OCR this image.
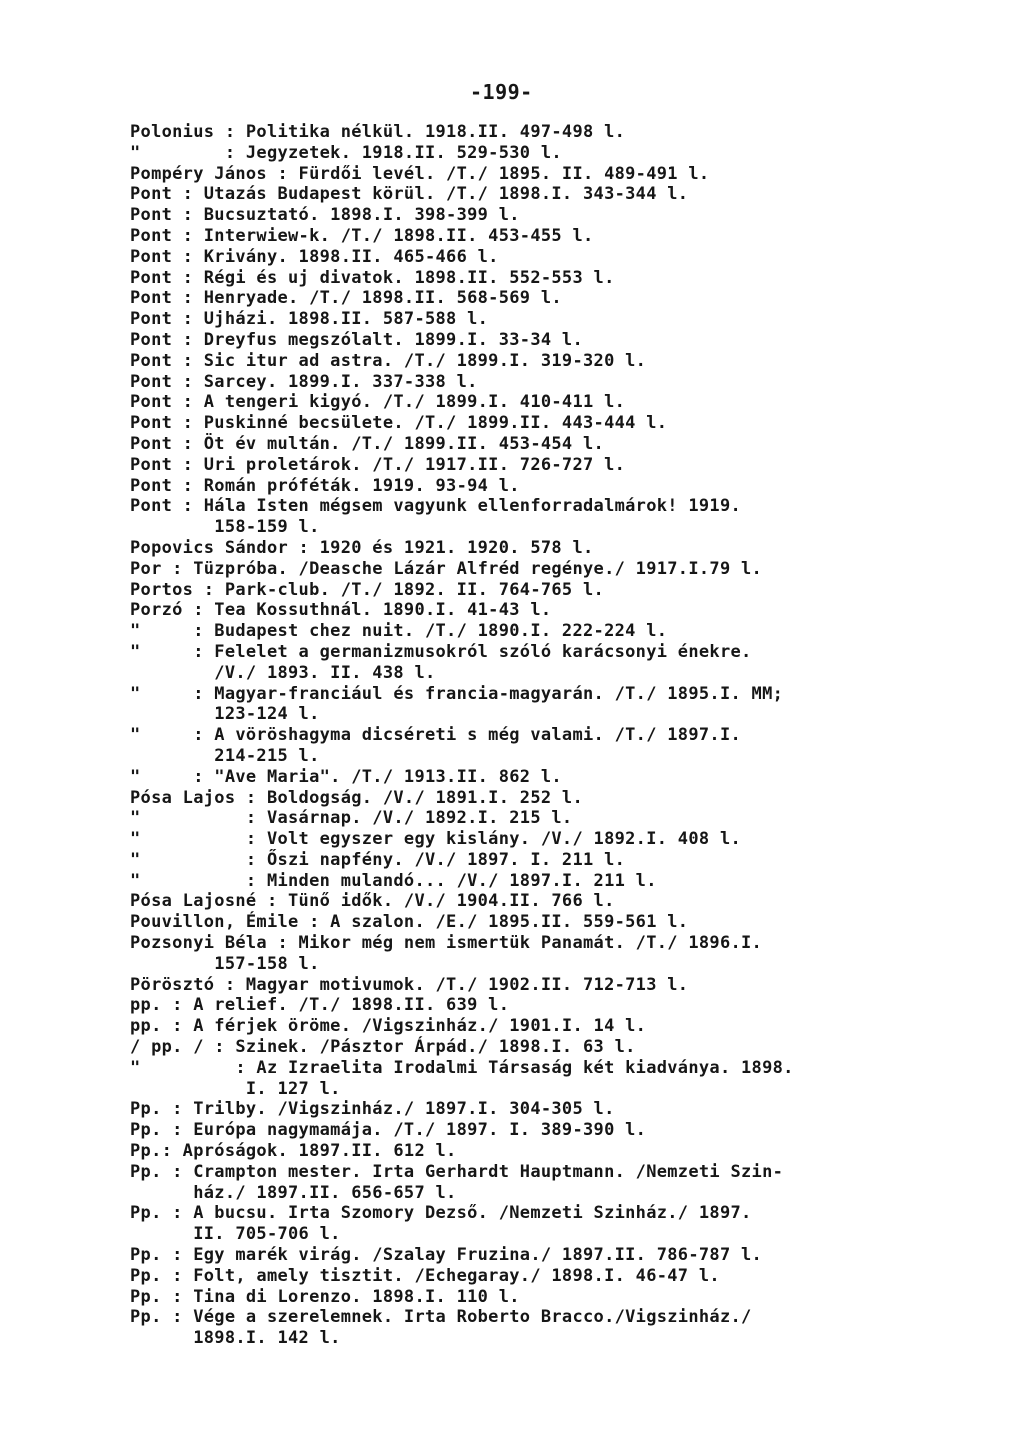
-199-
Polonius : Politika nélkül. 1918.II. 497-498 l.
"        : Jegyzetek. 1918.II. 529-530 l.
Pompéry János : Fürdői levél. /T./ 1895. II. 489-491 l.
Pont : Utazás Budapest körül. /T./ 1898.I. 343-344 l.
Pont : Bucsuztató. 1898.I. 398-399 l.
Pont : Interwiew-k. /T./ 1898.II. 453-455 l.
Pont : Krivány. 1898.II. 465-466 l.
Pont : Régi és uj divatok. 1898.II. 552-553 l.
Pont : Henryade. /T./ 1898.II. 568-569 l.
Pont : Ujházi. 1898.II. 587-588 l.
Pont : Dreyfus megszólalt. 1899.I. 33-34 l.
Pont : Sic itur ad astra. /T./ 1899.I. 319-320 l.
Pont : Sarcey. 1899.I. 337-338 l.
Pont : A tengeri kigyó. /T./ 1899.I. 410-411 l.
Pont : Puskinné becsülete. /T./ 1899.II. 443-444 l.
Pont : Öt év multán. /T./ 1899.II. 453-454 l.
Pont : Uri proletárok. /T./ 1917.II. 726-727 l.
Pont : Román próféták. 1919. 93-94 l.
Pont : Hála Isten mégsem vagyunk ellenforradalmárok! 1919.
158-159 l.
Popovics Sándor : 1920 és 1921. 1920. 578 l.
Por : Tüzpróba. /Deasche Lázár Alfréd regénye./ 1917.I.79 l.
Portos : Park-club. /T./ 1892. II. 764-765 l.
Porzó : Tea Kossuthnál. 1890.I. 41-43 l.
"     : Budapest chez nuit. /T./ 1890.I. 222-224 l.
"     : Felelet a germanizmusokról szóló karácsonyi énekre.
/V./ 1893. II. 438 l.
"     : Magyar-franciául és francia-magyarán. /T./ 1895.I. MM;
123-124 l.
"     : A vöröshagyma dicséreti s még valami. /T./ 1897.I.
214-215 l.
"     : "Ave Maria". /T./ 1913.II. 862 l.
Pósa Lajos : Boldogság. /V./ 1891.I. 252 l.
"          : Vasárnap. /V./ 1892.I. 215 l.
"          : Volt egyszer egy kislány. /V./ 1892.I. 408 l.
"          : Őszi napfény. /V./ 1897. I. 211 l.
"          : Minden mulandó... /V./ 1897.I. 211 l.
Pósa Lajosné : Tünő idők. /V./ 1904.II. 766 l.
Pouvillon, Émile : A szalon. /E./ 1895.II. 559-561 l.
Pozsonyi Béla : Mikor még nem ismertük Panamát. /T./ 1896.I.
157-158 l.
Pörösztó : Magyar motivumok. /T./ 1902.II. 712-713 l.
pp. : A relief. /T./ 1898.II. 639 l.
pp. : A férjek öröme. /Vigszinház./ 1901.I. 14 l.
/ pp. / : Szinek. /Pásztor Árpád./ 1898.I. 63 l.
"         : Az Izraelita Irodalmi Társaság két kiadványa. 1898.
I. 127 l.
Pp. : Trilby. /Vigszinház./ 1897.I. 304-305 l.
Pp. : Európa nagymamája. /T./ 1897. I. 389-390 l.
Pp.: Apróságok. 1897.II. 612 l.
Pp. : Crampton mester. Irta Gerhardt Hauptmann. /Nemzeti Szin-
ház./ 1897.II. 656-657 l.
Pp. : A bucsu. Irta Szomory Dezső. /Nemzeti Szinház./ 1897.
II. 705-706 l.
Pp. : Egy marék virág. /Szalay Fruzina./ 1897.II. 786-787 l.
Pp. : Folt, amely tisztit. /Echegaray./ 1898.I. 46-47 l.
Pp. : Tina di Lorenzo. 1898.I. 110 l.
Pp. : Vége a szerelemnek. Irta Roberto Bracco./Vigszinház./
1898.I. 142 l.
